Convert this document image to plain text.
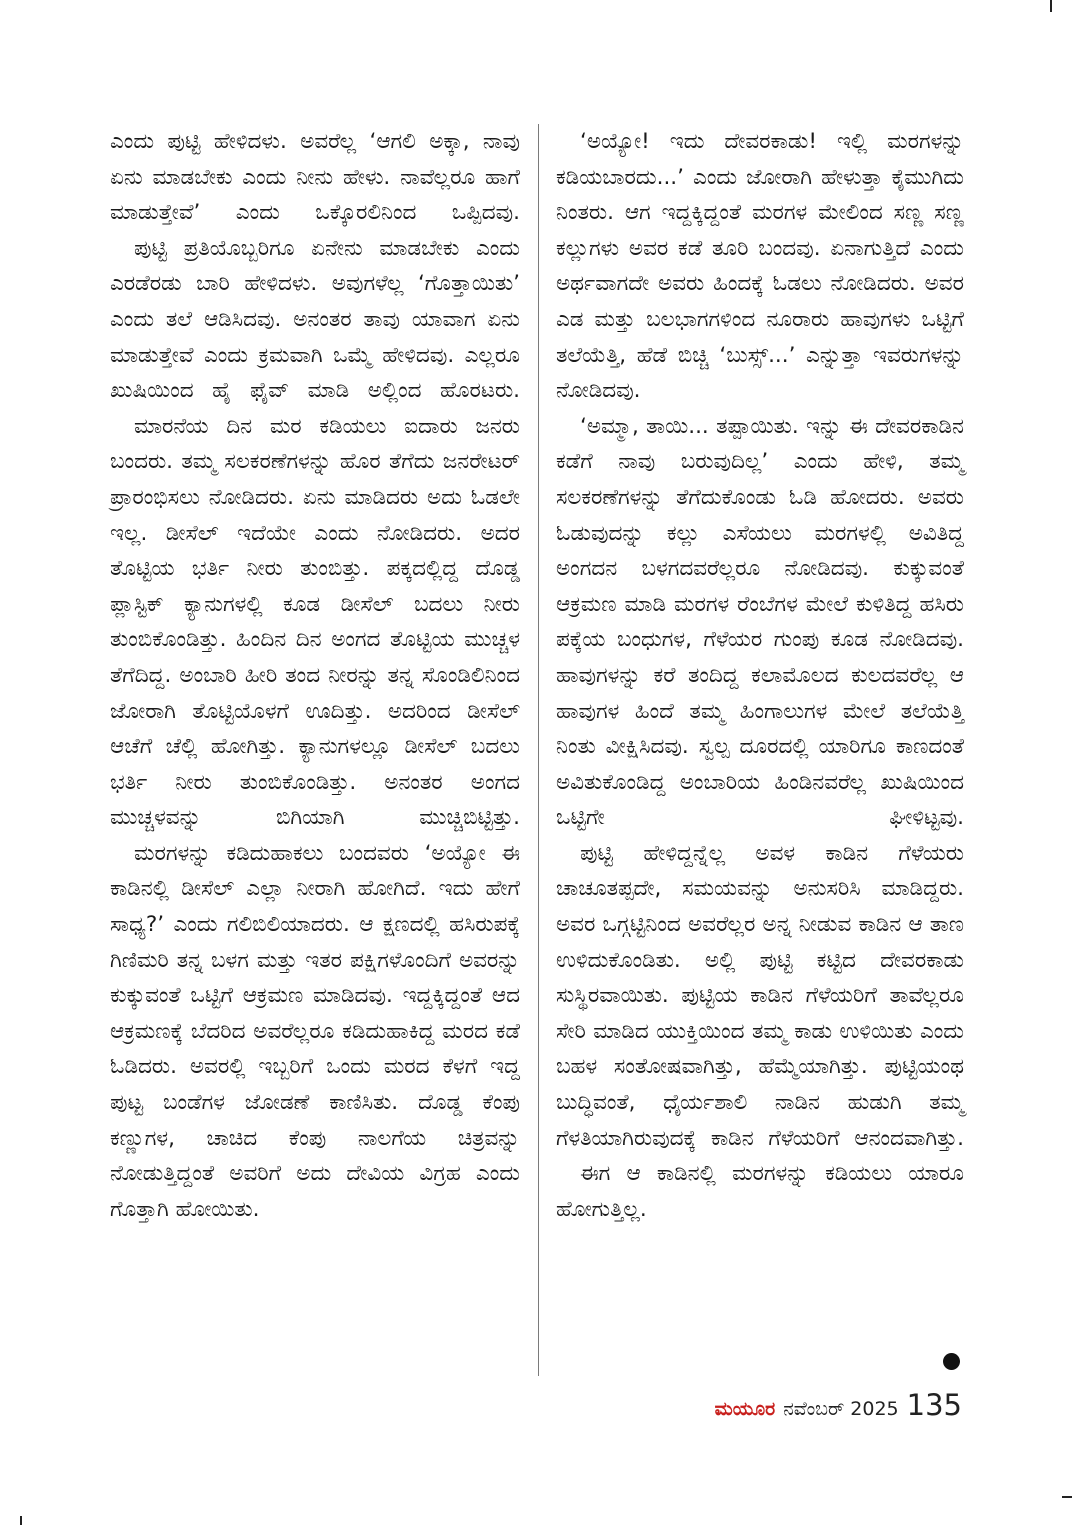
ಎಂದು ಪುಟ್ಟಿ ಹೇಳಿದಳು. ಅವರೆಲ್ಲ ‘ಆಗಲಿ ಅಕ್ಕಾ, ನಾವು ಏನು ಮಾಡಬೇಕು ಎಂದು ನೀನು ಹೇಳು. ನಾವೆಲ್ಲರೂ ಹಾಗೆ ಮಾಡುತ್ತೇವೆ’ ಎಂದು ಒಕ್ಕೊರಲಿನಿಂದ ಒಪ್ಪಿದವು.

ಪುಟ್ಟಿ ಪ್ರತಿಯೊಬ್ಬರಿಗೂ ಏನೇನು ಮಾಡಬೇಕು ಎಂದು ಎರಡೆರಡು ಬಾರಿ ಹೇಳಿದಳು. ಅವುಗಳೆಲ್ಲ ‘ಗೊತ್ತಾಯಿತು’ ಎಂದು ತಲೆ ಆಡಿಸಿದವು. ಅನಂತರ ತಾವು ಯಾವಾಗ ಏನು ಮಾಡುತ್ತೇವೆ ಎಂದು ಕ್ರಮವಾಗಿ ಒಮ್ಮೆ ಹೇಳಿದವು. ಎಲ್ಲರೂ ಖುಷಿಯಿಂದ ಹೈ ಫೈವ್ ಮಾಡಿ ಅಲ್ಲಿಂದ ಹೊರಟರು.

ಮಾರನೆಯ ದಿನ ಮರ ಕಡಿಯಲು ಐದಾರು ಜನರು ಬಂದರು. ತಮ್ಮ ಸಲಕರಣೆಗಳನ್ನು ಹೊರ ತೆಗೆದು ಜನರೇಟರ್ ಪ್ರಾರಂಭಿಸಲು ನೋಡಿದರು. ಏನು ಮಾಡಿದರು ಅದು ಓಡಲೇ ಇಲ್ಲ. ಡೀಸೆಲ್ ಇದೆಯೇ ಎಂದು ನೋಡಿದರು. ಅದರ ತೊಟ್ಟಿಯ ಭರ್ತಿ ನೀರು ತುಂಬಿತ್ತು. ಪಕ್ಕದಲ್ಲಿದ್ದ ದೊಡ್ಡ ಪ್ಲಾಸ್ಟಿಕ್ ಕ್ಯಾನುಗಳಲ್ಲಿ ಕೂಡ ಡೀಸೆಲ್ ಬದಲು ನೀರು ತುಂಬಿಕೊಂಡಿತ್ತು. ಹಿಂದಿನ ದಿನ ಅಂಗದ ತೊಟ್ಟಿಯ ಮುಚ್ಚಳ ತೆಗೆದಿದ್ದ. ಅಂಬಾರಿ ಹೀರಿ ತಂದ ನೀರನ್ನು ತನ್ನ ಸೊಂಡಿಲಿನಿಂದ ಜೋರಾಗಿ ತೊಟ್ಟಿಯೊಳಗೆ ಊದಿತ್ತು. ಅದರಿಂದ ಡೀಸೆಲ್ ಆಚೆಗೆ ಚೆಲ್ಲಿ ಹೋಗಿತ್ತು. ಕ್ಯಾನುಗಳಲ್ಲೂ ಡೀಸೆಲ್ ಬದಲು ಭರ್ತಿ ನೀರು ತುಂಬಿಕೊಂಡಿತ್ತು. ಅನಂತರ ಅಂಗದ ಮುಚ್ಚಳವನ್ನು ಬಿಗಿಯಾಗಿ ಮುಚ್ಚಿಬಿಟ್ಟಿತ್ತು.

ಮರಗಳನ್ನು ಕಡಿದುಹಾಕಲು ಬಂದವರು ‘ಅಯ್ಯೋ ಈ ಕಾಡಿನಲ್ಲಿ ಡೀಸೆಲ್ ಎಲ್ಲಾ ನೀರಾಗಿ ಹೋಗಿದೆ. ಇದು ಹೇಗೆ ಸಾಧ್ಯ?’ ಎಂದು ಗಲಿಬಿಲಿಯಾದರು. ಆ ಕ್ಷಣದಲ್ಲಿ ಹಸಿರುಪಕ್ಕೆ ಗಿಣಿಮರಿ ತನ್ನ ಬಳಗ ಮತ್ತು ಇತರ ಪಕ್ಷಿಗಳೊಂದಿಗೆ ಅವರನ್ನು ಕುಕ್ಕುವಂತೆ ಒಟ್ಟಿಗೆ ಆಕ್ರಮಣ ಮಾಡಿದವು. ಇದ್ದಕ್ಕಿದ್ದಂತೆ ಆದ ಆಕ್ರಮಣಕ್ಕೆ ಬೆದರಿದ ಅವರೆಲ್ಲರೂ ಕಡಿದುಹಾಕಿದ್ದ ಮರದ ಕಡೆ ಓಡಿದರು. ಅವರಲ್ಲಿ ಇಬ್ಬರಿಗೆ ಒಂದು ಮರದ ಕೆಳಗೆ ಇದ್ದ ಪುಟ್ಟ ಬಂಡೆಗಳ ಜೋಡಣೆ ಕಾಣಿಸಿತು. ದೊಡ್ಡ ಕೆಂಪು ಕಣ್ಣುಗಳ, ಚಾಚಿದ ಕೆಂಪು ನಾಲಗೆಯ ಚಿತ್ರವನ್ನು ನೋಡುತ್ತಿದ್ದಂತೆ ಅವರಿಗೆ ಅದು ದೇವಿಯ ವಿಗ್ರಹ ಎಂದು ಗೊತ್ತಾಗಿ ಹೋಯಿತು.

‘ಅಯ್ಯೋ! ಇದು ದೇವರಕಾಡು! ಇಲ್ಲಿ ಮರಗಳನ್ನು ಕಡಿಯಬಾರದು...’ ಎಂದು ಜೋರಾಗಿ ಹೇಳುತ್ತಾ ಕೈಮುಗಿದು ನಿಂತರು. ಆಗ ಇದ್ದಕ್ಕಿದ್ದಂತೆ ಮರಗಳ ಮೇಲಿಂದ ಸಣ್ಣ ಸಣ್ಣ ಕಲ್ಲುಗಳು ಅವರ ಕಡೆ ತೂರಿ ಬಂದವು. ಏನಾಗುತ್ತಿದೆ ಎಂದು ಅರ್ಥವಾಗದೇ ಅವರು ಹಿಂದಕ್ಕೆ ಓಡಲು ನೋಡಿದರು. ಅವರ ಎಡ ಮತ್ತು ಬಲಭಾಗಗಳಿಂದ ನೂರಾರು ಹಾವುಗಳು ಒಟ್ಟಿಗೆ ತಲೆಯೆತ್ತಿ, ಹೆಡೆ ಬಿಚ್ಚಿ ‘ಬುಸ್ಸ್...’ ಎನ್ನುತ್ತಾ ಇವರುಗಳನ್ನು ನೋಡಿದವು.

‘ಅಮ್ಮಾ, ತಾಯಿ... ತಪ್ಪಾಯಿತು. ಇನ್ನು ಈ ದೇವರಕಾಡಿನ ಕಡೆಗೆ ನಾವು ಬರುವುದಿಲ್ಲ’ ಎಂದು ಹೇಳಿ, ತಮ್ಮ ಸಲಕರಣೆಗಳನ್ನು ತೆಗೆದುಕೊಂಡು ಓಡಿ ಹೋದರು. ಅವರು ಓಡುವುದನ್ನು ಕಲ್ಲು ಎಸೆಯಲು ಮರಗಳಲ್ಲಿ ಅವಿತಿದ್ದ ಅಂಗದನ ಬಳಗದವರೆಲ್ಲರೂ ನೋಡಿದವು. ಕುಕ್ಕುವಂತೆ ಆಕ್ರಮಣ ಮಾಡಿ ಮರಗಳ ರೆಂಬೆಗಳ ಮೇಲೆ ಕುಳಿತಿದ್ದ ಹಸಿರು ಪಕ್ಕೆಯ ಬಂಧುಗಳ, ಗೆಳೆಯರ ಗುಂಪು ಕೂಡ ನೋಡಿದವು. ಹಾವುಗಳನ್ನು ಕರೆ ತಂದಿದ್ದ ಕಲಾಮೊಲದ ಕುಲದವರೆಲ್ಲ ಆ ಹಾವುಗಳ ಹಿಂದೆ ತಮ್ಮ ಹಿಂಗಾಲುಗಳ ಮೇಲೆ ತಲೆಯೆತ್ತಿ ನಿಂತು ವೀಕ್ಷಿಸಿದವು. ಸ್ವಲ್ಪ ದೂರದಲ್ಲಿ ಯಾರಿಗೂ ಕಾಣದಂತೆ ಅವಿತುಕೊಂಡಿದ್ದ ಅಂಬಾರಿಯ ಹಿಂಡಿನವರೆಲ್ಲ ಖುಷಿಯಿಂದ ಒಟ್ಟಿಗೇ ಘೀಳಿಟ್ಟವು.

ಪುಟ್ಟಿ ಹೇಳಿದ್ದನ್ನೆಲ್ಲ ಅವಳ ಕಾಡಿನ ಗೆಳೆಯರು ಚಾಚೂತಪ್ಪದೇ, ಸಮಯವನ್ನು ಅನುಸರಿಸಿ ಮಾಡಿದ್ದರು. ಅವರ ಒಗ್ಗಟ್ಟಿನಿಂದ ಅವರೆಲ್ಲರ ಅನ್ನ ನೀಡುವ ಕಾಡಿನ ಆ ತಾಣ ಉಳಿದುಕೊಂಡಿತು. ಅಲ್ಲಿ ಪುಟ್ಟಿ ಕಟ್ಟಿದ ದೇವರಕಾಡು ಸುಸ್ಥಿರವಾಯಿತು. ಪುಟ್ಟಿಯ ಕಾಡಿನ ಗೆಳೆಯರಿಗೆ ತಾವೆಲ್ಲರೂ ಸೇರಿ ಮಾಡಿದ ಯುಕ್ತಿಯಿಂದ ತಮ್ಮ ಕಾಡು ಉಳಿಯಿತು ಎಂದು ಬಹಳ ಸಂತೋಷವಾಗಿತ್ತು, ಹೆಮ್ಮೆಯಾಗಿತ್ತು. ಪುಟ್ಟಿಯಂಥ ಬುದ್ಧಿವಂತೆ, ಧೈರ್ಯಶಾಲಿ ನಾಡಿನ ಹುಡುಗಿ ತಮ್ಮ ಗೆಳತಿಯಾಗಿರುವುದಕ್ಕೆ ಕಾಡಿನ ಗೆಳೆಯರಿಗೆ ಆನಂದವಾಗಿತ್ತು.

ಈಗ ಆ ಕಾಡಿನಲ್ಲಿ ಮರಗಳನ್ನು ಕಡಿಯಲು ಯಾರೂ ಹೋಗುತ್ತಿಲ್ಲ.

ಮಯೂರ ನವೆಂಬರ್ 2025 135
